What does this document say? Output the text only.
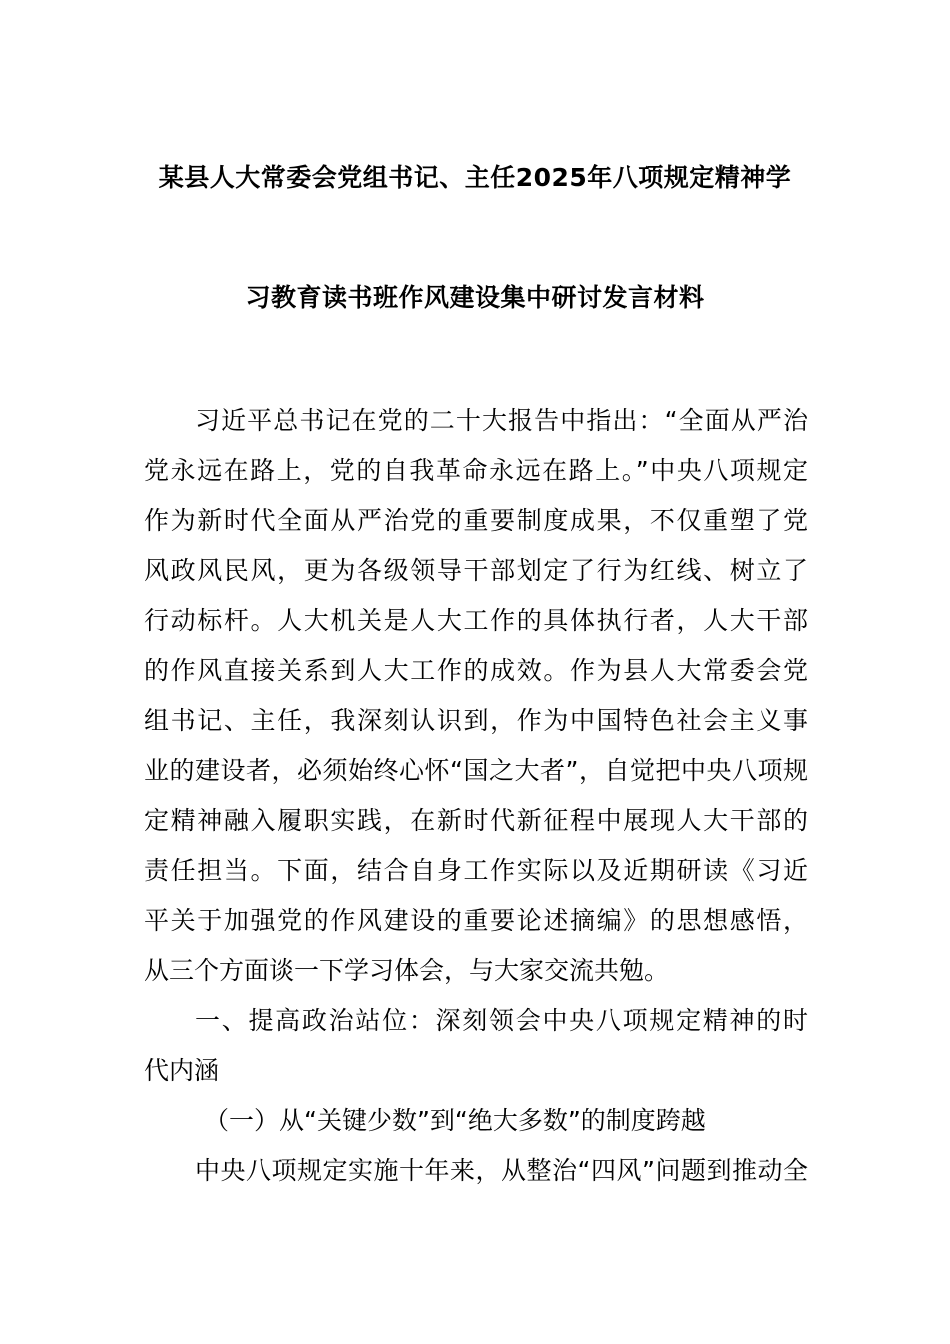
某县人大常委会党组书记、主任2025年八项规定精神学
习教育读书班作风建设集中研讨发言材料
习近平总书记在党的二十大报告中指出：“全面从严治
党永远在路上，党的自我革命永远在路上。”中央八项规定
作为新时代全面从严治党的重要制度成果，不仅重塑了党
风政风民风，更为各级领导干部划定了行为红线、树立了
行动标杆。人大机关是人大工作的具体执行者，人大干部
的作风直接关系到人大工作的成效。作为县人大常委会党
组书记、主任，我深刻认识到，作为中国特色社会主义事
业的建设者，必须始终心怀“国之大者”，自觉把中央八项规
定精神融入履职实践，在新时代新征程中展现人大干部的
责任担当。下面，结合自身工作实际以及近期研读《习近
平关于加强党的作风建设的重要论述摘编》的思想感悟，
从三个方面谈一下学习体会，与大家交流共勉。
一、提高政治站位：深刻领会中央八项规定精神的时
代内涵
（一）从“关键少数”到“绝大多数”的制度跨越
中央八项规定实施十年来，从整治“四风”问题到推动全
